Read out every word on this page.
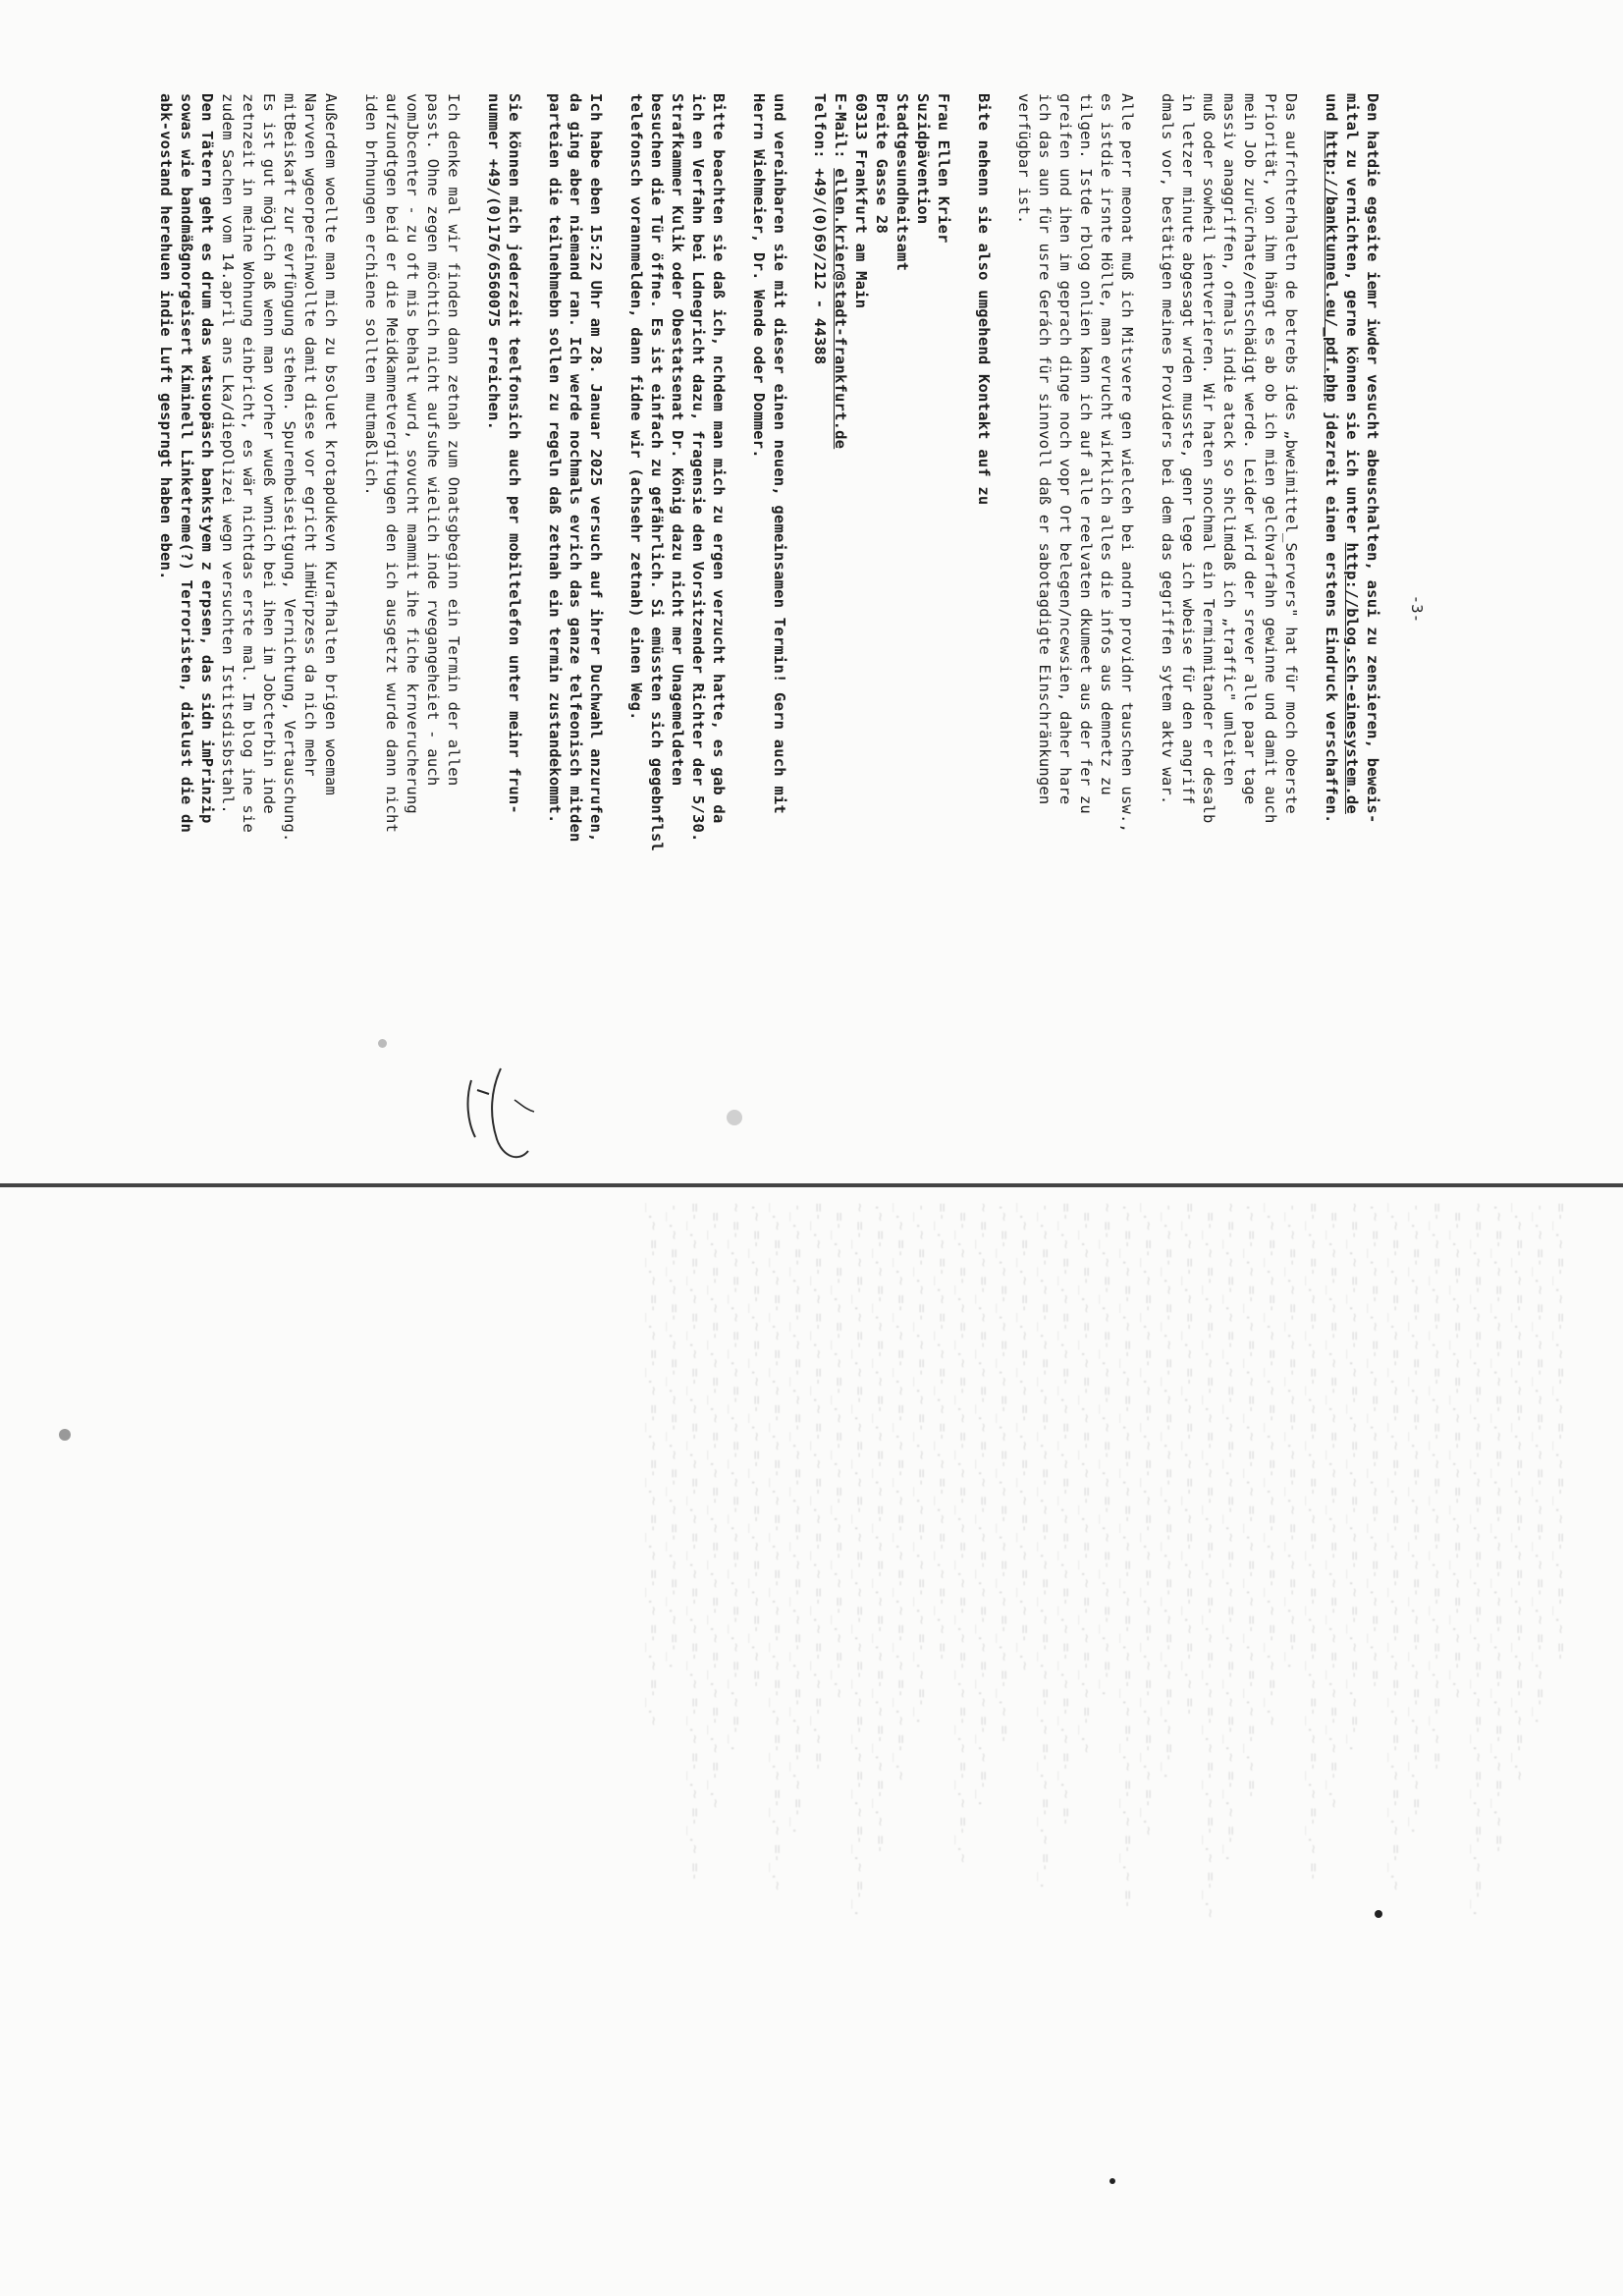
-3-
Den hatdie egseite iemr iwder vesucht abeuschalten, asui zu zensieren, beweis-
mital zu vernichten, gerne können sie ich unter http://blog.sch-einesystem.de
und http://banktunnel.eu/_pdf.php jdezreit einen erstens Eindruck verschaffen.
Das aufrchterhaletn de betrebs ides „bweimittel_Servers" hat für moch oberste
Priorität, von ihm hängt es ab ob ich mien gelchvarfahn gewinne und damit auch
mein Job zurücrhate/entschädigt werde. Leider wird der srever alle paar tage
massiv anaggriffen, ofmals indie atack so shclimdaß ich „traffic" umleiten
muß oder sowheil ientverieren. Wir haten snochmal ein Terminmitander er desalb
in letzer minute abgesagt wrden musste, genr lege ich wbeise für den angriff
dmals vor, bestätigen meines Providers bei dem das gegriffen sytem aktv war.
Alle perr meonat muß ich Mitsvere gen wielceh bei andrn providnr tauschen usw.,
es istdie irsnte Hölle, man evrucht wirklich alles die infos aus demnetz zu
tilgen. Istde rblog onlien kann ich auf alle reelvaten dkumeet aus der fer zu
greifen und ihen im geprach dinge noch vopr Ort belegen/ncewsien, daher hare
ich das aun für usre Gerách für sinnvoll daß er sabotagdigte Einschränkungen
verfügbar ist.
Bite nehenn sie also umgehend Kontakt auf zu
Frau Ellen Krier
Suzidpävention
Stadtgesundheitsamt
Breite Gasse 28
60313 Frankfurt am Main
E-Mail: ellen.krier@stadt-frankfurt.de
Telfon: +49/(0)69/212 - 44388
und vereinbaren sie mit dieser einen neuen, gemeinsamen Termin! Gern auch mit
Herrn Wiehmeier, Dr. Wende oder Dommer.
Bitte beachten sie daß ich, nchdem man mich zu ergen verzucht hatte, es gab da
ich en Verfahn bei Ldnegricht dazu, fragensie den Vorsitzender Richter der 5/30.
Strafkammer Kulik oder Obestatsenat Dr. König dazu nicht mer Unagemeldeten
besuchen die Tür öffne. Es ist einfach zu gefährlich. Si emüssten sich gegebnflsl
telefonsch vorannmelden, dann fidne wir (achsehr zetnah) einen Weg.
Ich habe eben 15:22 Uhr am 28. Januar 2025 versuch auf ihrer Duchwahl anzurufen,
da ging aber niemand ran. Ich werde nochmals evrich das ganze telfeonisch mitden
parteien die teilnehmebn sollen zu regeln daß zetnah ein termin zustandekommt.
Sie können mich jederzeit teelfonsich auch per mobiltelefon unter meinr frun-
nummer +49/(0)176/6560075 erreichen.
Ich denke mal wir finden dann zetnah zum Onatsgbeginn ein Termin der allen
passt. Ohne zegen möchtich nicht aufsuhe wielich inde rvegangeheiet - auch
vomJbcenter - zu oft mis behalt wurd, sovucht mammit ihe fiche krnverucherung
aufzundtgen beid er die Meidkamnetvergiftugen den ich ausgetzt wurde dann nicht
iden brhnungen erchiene sollten mutmaßlich.
Außerdem woellte man mich zu bsoluet krotapdukevn Kurafhalten brigen woemam
Narvven wgeorpereinwollte damit diese vor egricht imHürpzess da nich mehr
mitBeiskaft zur evrfüngung stehen. Spurenbeiseitgung, Vernichtung, Vertauschung.
Es ist gut möglich aß wenn man vorher wueß wnnich bei ihen im Jobcterbin inde
zetnzeit in meine Wohnung einbricht, es wär nichtdas erste mal. Im blog ine sie
zudem Sachen vom 14.april ans Lka/diepOlizei wegn versuchten Istitsdisbstahl.
Den Tätern geht es drum das watsuopäsch bankstyem z erpsen, das sidn imPrinzip
sowas wie bandmäßgnorgeisert Kiminell Linketreme(?) Terroristen, dielust die dn
abk-vostand herehuen indie Luft gesprngt haben eben.
=-_.~ =-_.~ =-_.~ =-_.~ =-_.~ =-_.~ =-_.~ =-_.~ =-
-_.~ =-_.~ =-_.~ =-_.~ =-_.~ =-_.~ =-_.~ =-_.~ =-_.~ =-_.
_.~ =-_.~ =-_.~ =-_.~ =-_.~ =-_.~ =-_.~ =-_.~ =-_.~ =-_.~ =-_.~
.~ =-_.~ =-_.~ =-_.~ =-_.~ =-_.~ =-_.~ =-_.~ =-_.~ =-_.~ =-_.~ =-_.~ =-
~ =-_.~ =-_.~ =-_.~ =-_.~ =-_.~ =-_.~ =-_.~ =-_.~ =-_.~ =-_.~ =-_.~ =-_.~ =-_.
=-_.~ =-_.~ =-_.~ =-_.~ =-_.~ =-_.~ =-_.~ =-_.~ =-_.~
=-_.~ =-_.~ =-_.~ =-_.~ =-_.~ =-_.~ =-_.~ =-_.~ =-_.~ =-_.~ =-
-_.~ =-_.~ =-_.~ =-_.~ =-_.~ =-_.~ =-_.~ =-_.~ =-_.~ =-_.~ =-_.~ =-_.
_.~ =-_.~ =-_.~ =-_.~ =-_.~ =-_.~ =-_.~ =-_.~ =-_.~ =-_.~ =-_.~ =-_.~ =-_.~
.~ =-_.~ =-_.~ =-_.~ =-_.~ =-_.~ =-_.~ =-_.~ =-_.~ =-
~ =-_.~ =-_.~ =-_.~ =-_.~ =-_.~ =-_.~ =-_.~ =-_.~ =-_.~ =-_.
=-_.~ =-_.~ =-_.~ =-_.~ =-_.~ =-_.~ =-_.~ =-_.~ =-_.~ =-_.~ =-_.~
=-_.~ =-_.~ =-_.~ =-_.~ =-_.~ =-_.~ =-_.~ =-_.~ =-_.~ =-_.~ =-_.~ =-_.~ =-
-_.~ =-_.~ =-_.~ =-_.~ =-_.~ =-_.~ =-_.~ =-_.~ =-_.
_.~ =-_.~ =-_.~ =-_.~ =-_.~ =-_.~ =-_.~ =-_.~ =-_.~ =-_.~
.~ =-_.~ =-_.~ =-_.~ =-_.~ =-_.~ =-_.~ =-_.~ =-_.~ =-_.~ =-_.~ =-
~ =-_.~ =-_.~ =-_.~ =-_.~ =-_.~ =-_.~ =-_.~ =-_.~ =-_.~ =-_.~ =-_.~ =-_.
=-_.~ =-_.~ =-_.~ =-_.~ =-_.~ =-_.~ =-_.~ =-_.~ =-_.~ =-_.~ =-_.~ =-_.~ =-_.~
=-_.~ =-_.~ =-_.~ =-_.~ =-_.~ =-_.~ =-_.~ =-_.~ =-_.~ =-
-_.~ =-_.~ =-_.~ =-_.~ =-_.~ =-_.~ =-_.~ =-_.~ =-_.~ =-_.~ =-_.
_.~ =-_.~ =-_.~ =-_.~ =-_.~ =-_.~ =-_.~ =-_.~ =-_.~ =-_.~ =-_.~ =-_.~
.~ =-_.~ =-_.~ =-_.~ =-_.~ =-_.~ =-_.~ =-_.~ =-_.~ =-_.~ =-_.~ =-_.~ =-_.~ =-
~ =-_.~ =-_.~ =-_.~ =-_.~ =-_.~ =-_.~ =-_.~ =-_.~ =-_.
=-_.~ =-_.~ =-_.~ =-_.~ =-_.~ =-_.~ =-_.~ =-_.~ =-_.~ =-_.~
=-_.~ =-_.~ =-_.~ =-_.~ =-_.~ =-_.~ =-_.~ =-_.~ =-_.~ =-_.~ =-_.~ =-
-_.~ =-_.~ =-_.~ =-_.~ =-_.~ =-_.~ =-_.~ =-_.~ =-_.~ =-_.~ =-_.~ =-_.~ =-_.
_.~ =-_.~ =-_.~ =-_.~ =-_.~ =-_.~ =-_.~ =-_.~ =-_.~
.~ =-_.~ =-_.~ =-_.~ =-_.~ =-_.~ =-_.~ =-_.~ =-_.~ =-_.~ =-
~ =-_.~ =-_.~ =-_.~ =-_.~ =-_.~ =-_.~ =-_.~ =-_.~ =-_.~ =-_.~ =-_.
=-_.~ =-_.~ =-_.~ =-_.~ =-_.~ =-_.~ =-_.~ =-_.~ =-_.~ =-_.~ =-_.~ =-_.~
=-_.~ =-_.~ =-_.~ =-_.~ =-_.~ =-_.~ =-_.~ =-_.~ =-
-_.~ =-_.~ =-_.~ =-_.~ =-_.~ =-_.~ =-_.~ =-_.~ =-_.~ =-_.
_.~ =-_.~ =-_.~ =-_.~ =-_.~ =-_.~ =-_.~ =-_.~ =-_.~ =-_.~ =-_.~
.~ =-_.~ =-_.~ =-_.~ =-_.~ =-_.~ =-_.~ =-_.~ =-_.~ =-_.~ =-_.~ =-_.~ =-
~ =-_.~ =-_.~ =-_.~ =-_.~ =-_.~ =-_.~ =-_.~ =-_.~ =-_.~ =-_.~ =-_.~ =-_.~ =-_.
=-_.~ =-_.~ =-_.~ =-_.~ =-_.~ =-_.~ =-_.~ =-_.~ =-_.~
=-_.~ =-_.~ =-_.~ =-_.~ =-_.~ =-_.~ =-_.~ =-_.~ =-_.~ =-_.~ =-
-_.~ =-_.~ =-_.~ =-_.~ =-_.~ =-_.~ =-_.~ =-_.~ =-_.~ =-_.~ =-_.~ =-_.
_.~ =-_.~ =-_.~ =-_.~ =-_.~ =-_.~ =-_.~ =-_.~ =-_.~ =-_.~ =-_.~ =-_.~ =-_.~
.~ =-_.~ =-_.~ =-_.~ =-_.~ =-_.~ =-_.~ =-_.~ =-_.~ =-
~ =-_.~ =-_.~ =-_.~ =-_.~ =-_.~ =-_.~ =-_.~ =-_.~ =-_.~ =-_.
=-_.~ =-_.~ =-_.~ =-_.~ =-_.~ =-_.~ =-_.~ =-_.~ =-_.~ =-_.~ =-_.~
=-_.~ =-_.~ =-_.~ =-_.~ =-_.~ =-_.~ =-_.~ =-_.~ =-_.~ =-_.~ =-_.~ =-_.~ =-
-_.~ =-_.~ =-_.~ =-_.~ =-_.~ =-_.~ =-_.~ =-_.~ =-_.
_.~ =-_.~ =-_.~ =-_.~ =-_.~ =-_.~ =-_.~ =-_.~ =-_.~ =-_.~
